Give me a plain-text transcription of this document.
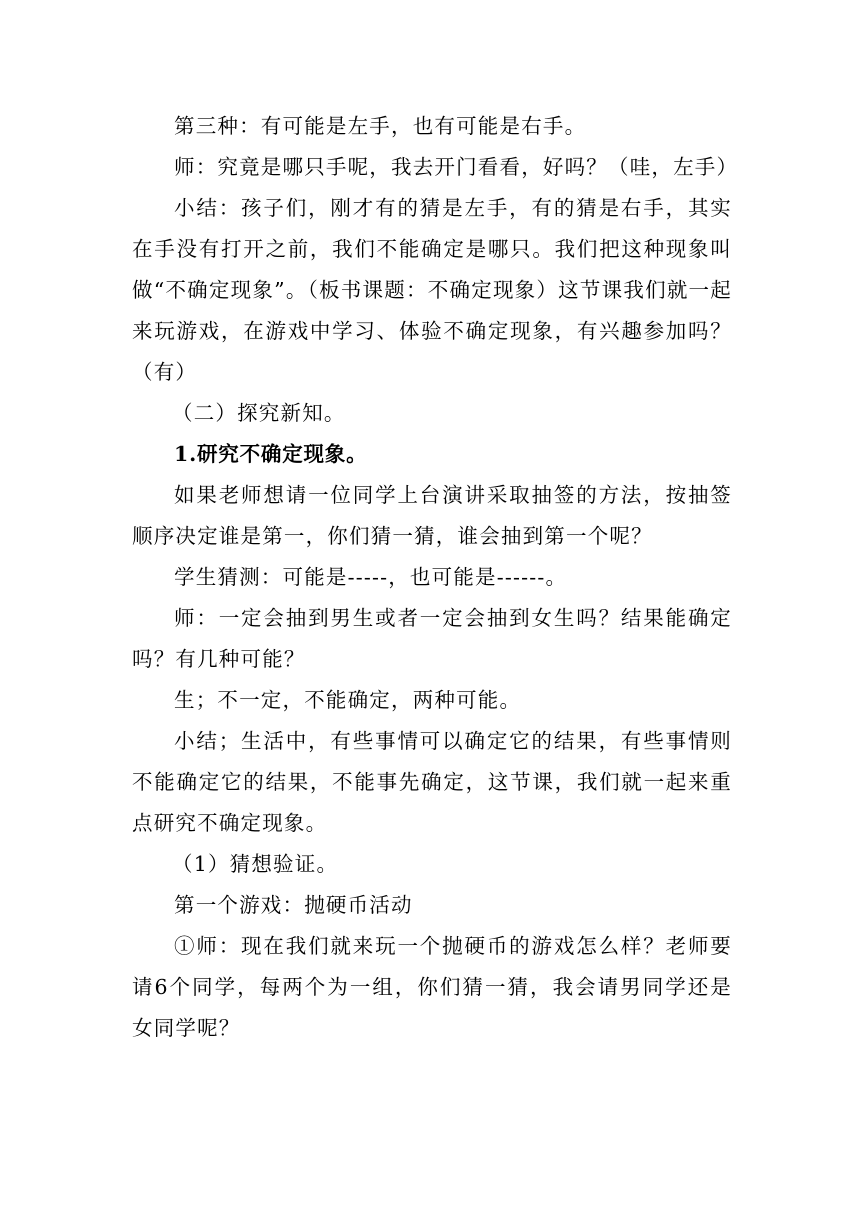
第三种：有可能是左手，也有可能是右手。

师：究竟是哪只手呢，我去开门看看，好吗？（哇，左手）

小结：孩子们，刚才有的猜是左手，有的猜是右手，其实在手没有打开之前，我们不能确定是哪只。我们把这种现象叫做“不确定现象”。（板书课题：不确定现象）这节课我们就一起来玩游戏，在游戏中学习、体验不确定现象，有兴趣参加吗？（有）

（二）探究新知。

1.研究不确定现象。

如果老师想请一位同学上台演讲采取抽签的方法，按抽签顺序决定谁是第一，你们猜一猜，谁会抽到第一个呢？

学生猜测：可能是-----，也可能是------。

师：一定会抽到男生或者一定会抽到女生吗？结果能确定吗？有几种可能？

生；不一定，不能确定，两种可能。

小结；生活中，有些事情可以确定它的结果，有些事情则不能确定它的结果，不能事先确定，这节课，我们就一起来重点研究不确定现象。

（1）猜想验证。

第一个游戏：抛硬币活动

①师：现在我们就来玩一个抛硬币的游戏怎么样？老师要请6个同学，每两个为一组，你们猜一猜，我会请男同学还是女同学呢？
